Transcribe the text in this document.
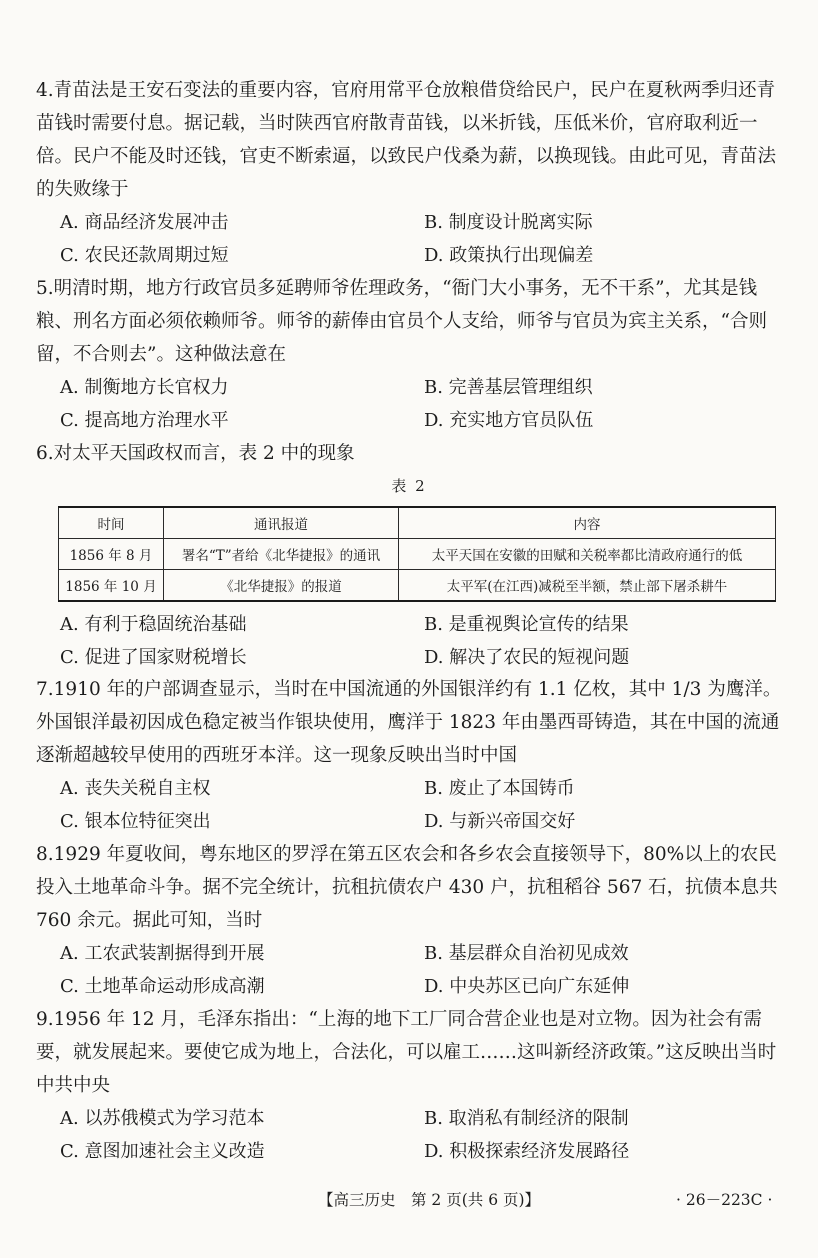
4.青苗法是王安石变法的重要内容，官府用常平仓放粮借贷给民户，民户在夏秋两季归还青苗钱时需要付息。据记载，当时陕西官府散青苗钱，以米折钱，压低米价，官府取利近一倍。民户不能及时还钱，官吏不断索逼，以致民户伐桑为薪，以换现钱。由此可见，青苗法的失败缘于

A. 商品经济发展冲击	B. 制度设计脱离实际
C. 农民还款周期过短	D. 政策执行出现偏差

5.明清时期，地方行政官员多延聘师爷佐理政务，“衙门大小事务，无不干系”，尤其是钱粮、刑名方面必须依赖师爷。师爷的薪俸由官员个人支给，师爷与官员为宾主关系，“合则留，不合则去”。这种做法意在

A. 制衡地方长官权力	B. 完善基层管理组织
C. 提高地方治理水平	D. 充实地方官员队伍

6.对太平天国政权而言，表 2 中的现象

表 2
时间	通讯报道	内容
1856 年 8 月	署名“T”者给《北华捷报》的通讯	太平天国在安徽的田赋和关税率都比清政府通行的低
1856 年 10 月	《北华捷报》的报道	太平军(在江西)减税至半额，禁止部下屠杀耕牛
A. 有利于稳固统治基础	B. 是重视舆论宣传的结果
C. 促进了国家财税增长	D. 解决了农民的短视问题

7.1910 年的户部调查显示，当时在中国流通的外国银洋约有 1.1 亿枚，其中 1/3 为鹰洋。外国银洋最初因成色稳定被当作银块使用，鹰洋于 1823 年由墨西哥铸造，其在中国的流通逐渐超越较早使用的西班牙本洋。这一现象反映出当时中国

A. 丧失关税自主权	B. 废止了本国铸币
C. 银本位特征突出	D. 与新兴帝国交好

8.1929 年夏收间，粤东地区的罗浮在第五区农会和各乡农会直接领导下，80%以上的农民投入土地革命斗争。据不完全统计，抗租抗债农户 430 户，抗租稻谷 567 石，抗债本息共 760 余元。据此可知，当时

A. 工农武装割据得到开展	B. 基层群众自治初见成效
C. 土地革命运动形成高潮	D. 中央苏区已向广东延伸

9.1956 年 12 月，毛泽东指出：“上海的地下工厂同合营企业也是对立物。因为社会有需要，就发展起来。要使它成为地上，合法化，可以雇工……这叫新经济政策。”这反映出当时中共中央

A. 以苏俄模式为学习范本	B. 取消私有制经济的限制
C. 意图加速社会主义改造	D. 积极探索经济发展路径
【高三历史　第 2 页(共 6 页)】	· 26－223C ·
